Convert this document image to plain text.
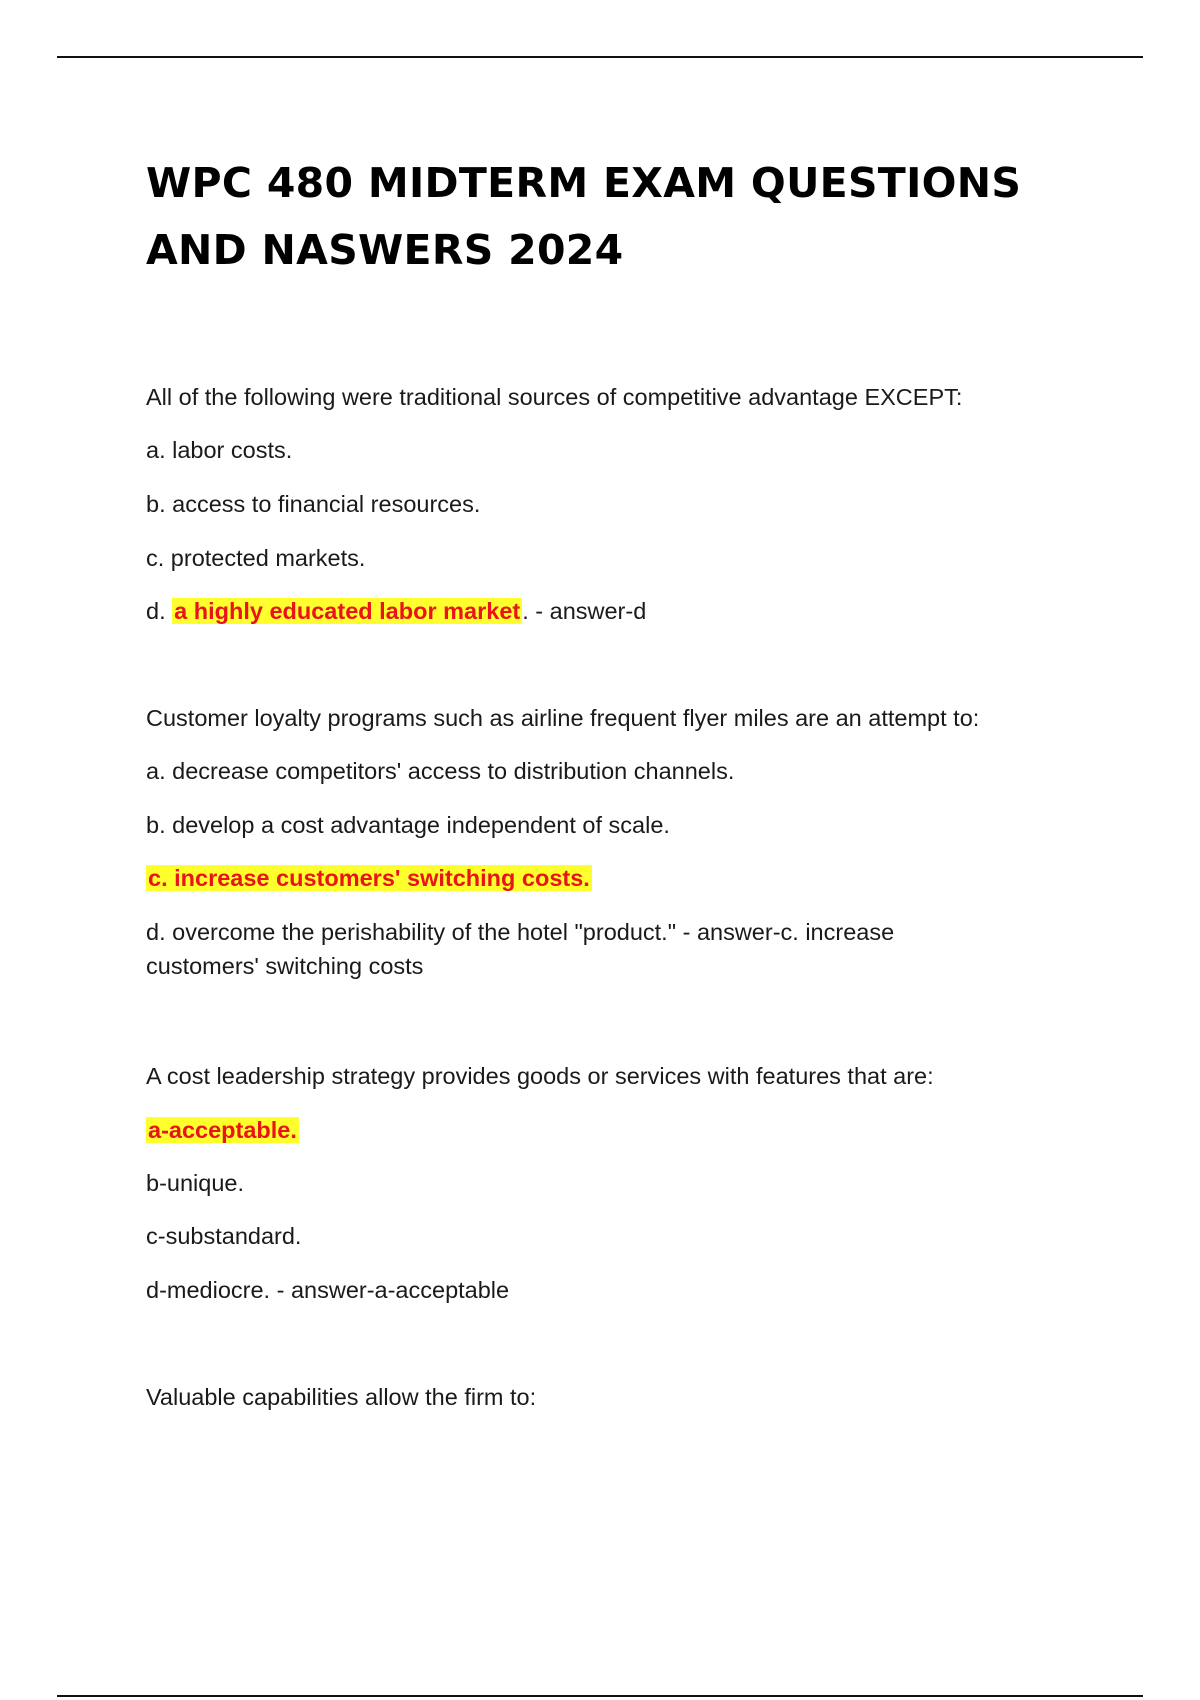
WPC 480 MIDTERM EXAM QUESTIONS
AND NASWERS 2024

All of the following were traditional sources of competitive advantage EXCEPT:

a. labor costs.

b. access to financial resources.

c. protected markets.

d. a highly educated labor market. - answer-d

Customer loyalty programs such as airline frequent flyer miles are an attempt to:

a. decrease competitors' access to distribution channels.

b. develop a cost advantage independent of scale.

c. increase customers' switching costs.

d. overcome the perishability of the hotel "product." - answer-c. increase
customers' switching costs

A cost leadership strategy provides goods or services with features that are:

a-acceptable.

b-unique.

c-substandard.

d-mediocre. - answer-a-acceptable

Valuable capabilities allow the firm to:
